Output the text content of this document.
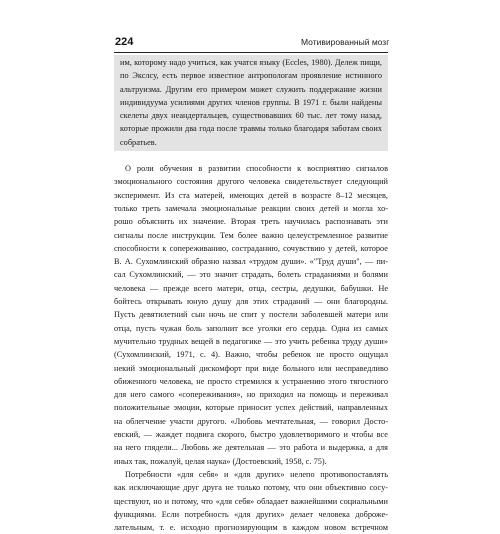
224	Мотивированный мозг
им, которому надо учиться, как учатся языку (Eccles, 1980). Дележ пищи,
по Экслсу, есть первое известное антропологам проявление истинного
альтруизма. Другим его примером может служить поддержание жизни
индивидуума усилиями других членов группы. В 1971 г. были найдены
скелеты двух неандертальцев, существовавших 60 тыс. лет тому назад,
которые прожили два года после травмы только благодаря заботам своих
собратьев.
О роли обучения в развитии способности к восприятию сигналов
эмоционального состояния другого человека свидетельствует следующий
эксперимент. Из ста матерей, имеющих детей в возрасте 8–12 месяцев,
только треть замечала эмоциональные реакции своих детей и могла хо-
рошо объяснить их значение. Вторая треть научилась распознавать эти
сигналы после инструкции. Тем более важно целеустремленное развитие
способности к сопереживанию, состраданию, сочувствию у детей, которое
В. А. Сухомлинский образно назвал «трудом души». «"Труд души", — пи-
сал Сухомлинский, — это значит страдать, болеть страданиями и болями
человека — прежде всего матери, отца, сестры, дедушки, бабушки. Не
бойтесь открывать юную душу для этих страданий — они благородны.
Пусть девятилетний сын ночь не спит у постели заболевшей матери или
отца, пусть чужая боль заполнит все уголки его сердца. Одна из самых
мучительно трудных вещей в педагогике — это учить ребенка труду души»
(Сухомлинский, 1971, с. 4). Важно, чтобы ребенок не просто ощущал
некий эмоциональный дискомфорт при виде больного или несправедливо
обиженного человека, не просто стремился к устранению этого тягостного
для него самого «сопереживания», но приходил на помощь и переживал
положительные эмоции, которые приносит успех действий, направленных
на облегчение участи другого. «Любовь мечтательная, — говорил Досто-
евский, — жаждет подвига скорого, быстро удовлетворимого и чтобы все
на него глядели... Любовь же деятельная — это работа и выдержка, а для
иных так, пожалуй, целая наука» (Достоевский, 1958, с. 75).
Потребности «для себя» и «для других» нелепо противопоставлять
как исключающие друг друга не только потому, что они объективно сосу-
ществуют, но и потому, что «для себя» обладает важнейшими социальными
функциями. Если потребность «для других» делает человека доброже-
лательным, т. е. исходно прогнозирующим в каждом новом встречном
